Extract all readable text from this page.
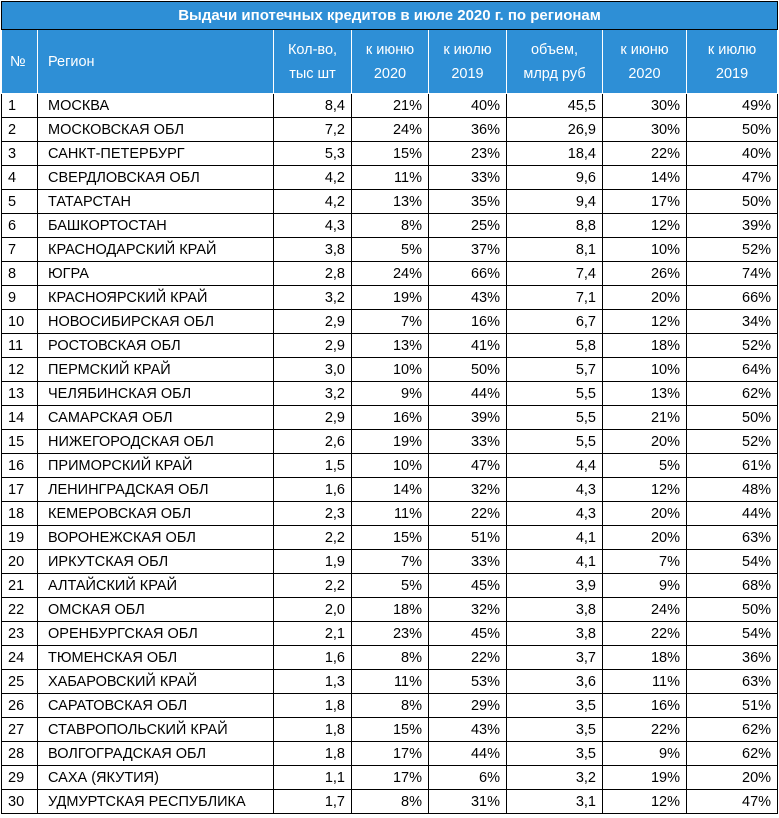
Выдачи ипотечных кредитов в июле 2020 г. по регионам							
№	Регион	Кол-во, тыс шт	к июню 2020	к июлю 2019	объем, млрд руб	к июню 2020	к июлю 2019
1	МОСКВА	8,4	21%	40%	45,5	30%	49%
2	МОСКОВСКАЯ ОБЛ	7,2	24%	36%	26,9	30%	50%
3	САНКТ-ПЕТЕРБУРГ	5,3	15%	23%	18,4	22%	40%
4	СВЕРДЛОВСКАЯ ОБЛ	4,2	11%	33%	9,6	14%	47%
5	ТАТАРСТАН	4,2	13%	35%	9,4	17%	50%
6	БАШКОРТОСТАН	4,3	8%	25%	8,8	12%	39%
7	КРАСНОДАРСКИЙ КРАЙ	3,8	5%	37%	8,1	10%	52%
8	ЮГРА	2,8	24%	66%	7,4	26%	74%
9	КРАСНОЯРСКИЙ КРАЙ	3,2	19%	43%	7,1	20%	66%
10	НОВОСИБИРСКАЯ ОБЛ	2,9	7%	16%	6,7	12%	34%
11	РОСТОВСКАЯ ОБЛ	2,9	13%	41%	5,8	18%	52%
12	ПЕРМСКИЙ КРАЙ	3,0	10%	50%	5,7	10%	64%
13	ЧЕЛЯБИНСКАЯ ОБЛ	3,2	9%	44%	5,5	13%	62%
14	САМАРСКАЯ ОБЛ	2,9	16%	39%	5,5	21%	50%
15	НИЖЕГОРОДСКАЯ ОБЛ	2,6	19%	33%	5,5	20%	52%
16	ПРИМОРСКИЙ КРАЙ	1,5	10%	47%	4,4	5%	61%
17	ЛЕНИНГРАДСКАЯ ОБЛ	1,6	14%	32%	4,3	12%	48%
18	КЕМЕРОВСКАЯ ОБЛ	2,3	11%	22%	4,3	20%	44%
19	ВОРОНЕЖСКАЯ ОБЛ	2,2	15%	51%	4,1	20%	63%
20	ИРКУТСКАЯ ОБЛ	1,9	7%	33%	4,1	7%	54%
21	АЛТАЙСКИЙ КРАЙ	2,2	5%	45%	3,9	9%	68%
22	ОМСКАЯ ОБЛ	2,0	18%	32%	3,8	24%	50%
23	ОРЕНБУРГСКАЯ ОБЛ	2,1	23%	45%	3,8	22%	54%
24	ТЮМЕНСКАЯ ОБЛ	1,6	8%	22%	3,7	18%	36%
25	ХАБАРОВСКИЙ КРАЙ	1,3	11%	53%	3,6	11%	63%
26	САРАТОВСКАЯ ОБЛ	1,8	8%	29%	3,5	16%	51%
27	СТАВРОПОЛЬСКИЙ КРАЙ	1,8	15%	43%	3,5	22%	62%
28	ВОЛГОГРАДСКАЯ ОБЛ	1,8	17%	44%	3,5	9%	62%
29	САХА (ЯКУТИЯ)	1,1	17%	6%	3,2	19%	20%
30	УДМУРТСКАЯ РЕСПУБЛИКА	1,7	8%	31%	3,1	12%	47%
